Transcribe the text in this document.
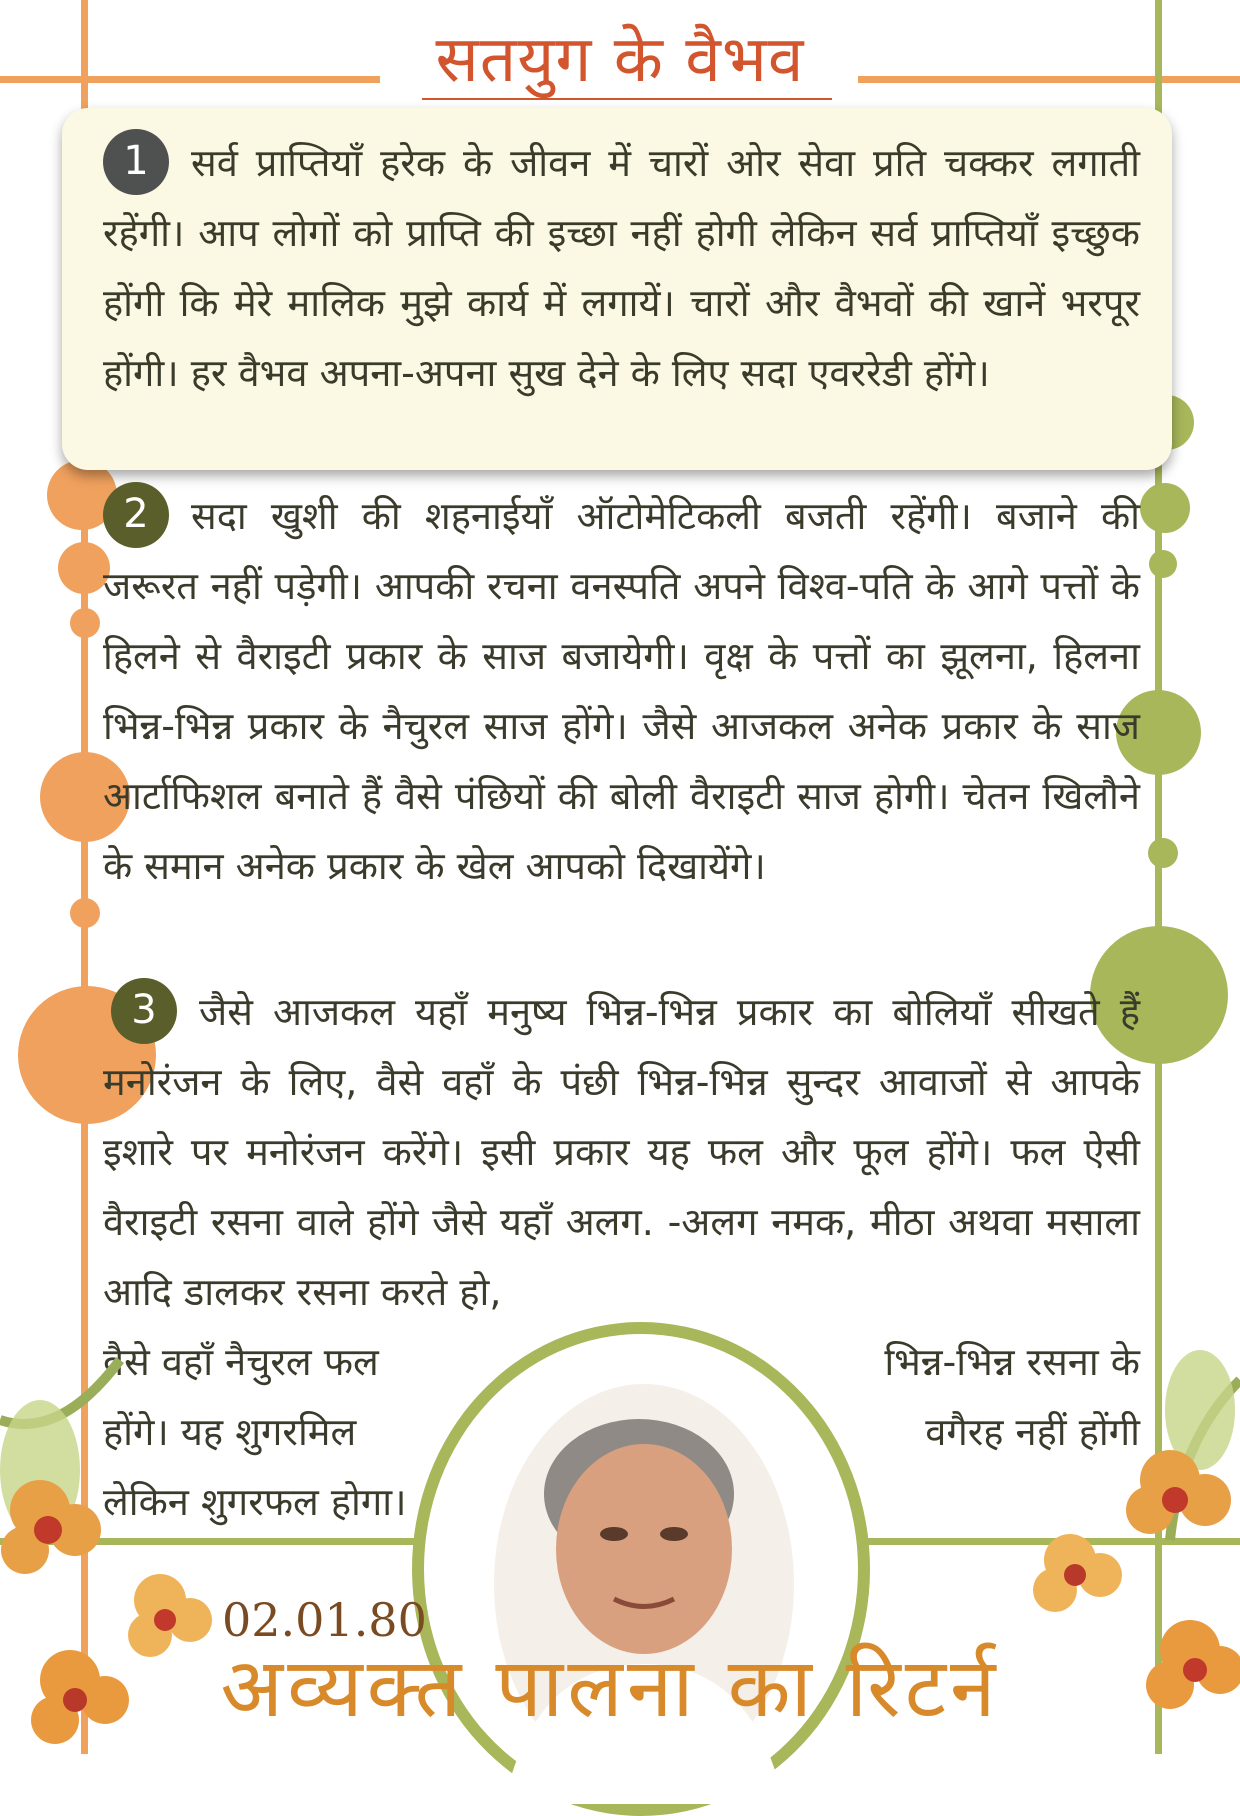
सतयुग के वैभव
1 सर्व प्राप्तियाँ हरेक के जीवन में चारों ओर सेवा प्रति चक्कर लगाती रहेंगी। आप लोगों को प्राप्ति की इच्छा नहीं होगी लेकिन सर्व प्राप्तियाँ इच्छुक होंगी कि मेरे मालिक मुझे कार्य में लगायें। चारों और वैभवों की खानें भरपूर होंगी। हर वैभव अपना-अपना सुख देने के लिए सदा एवररेडी होंगे।
2 सदा खुशी की शहनाईयाँ ऑटोमेटिकली बजती रहेंगी। बजाने की जरूरत नहीं पड़ेगी। आपकी रचना वनस्पति अपने विश्व-पति के आगे पत्तों के हिलने से वैराइटी प्रकार के साज बजायेगी। वृक्ष के पत्तों का झूलना, हिलना भिन्न-भिन्न प्रकार के नैचुरल साज होंगे। जैसे आजकल अनेक प्रकार के साज आर्टाफिशल बनाते हैं वैसे पंछियों की बोली वैराइटी साज होगी। चेतन खिलौने के समान अनेक प्रकार के खेल आपको दिखायेंगे।
3 जैसे आजकल यहाँ मनुष्य भिन्न-भिन्न प्रकार का बोलियाँ सीखते हैं मनोरंजन के लिए, वैसे वहाँ के पंछी भिन्न-भिन्न सुन्दर आवाजों से आपके इशारे पर मनोरंजन करेंगे। इसी प्रकार यह फल और फूल होंगे। फल ऐसी वैराइटी रसना वाले होंगे जैसे यहाँ अलग. -अलग नमक, मीठा अथवा मसाला आदि डालकर रसना करते हो,
वैसे वहाँ नैचुरल फल	भिन्न-भिन्न रसना के
होंगे। यह शुगरमिल	वगैरह नहीं होंगी
लेकिन शुगरफल होगा।
02.01.80
अव्यक्त पालना का रिटर्न
